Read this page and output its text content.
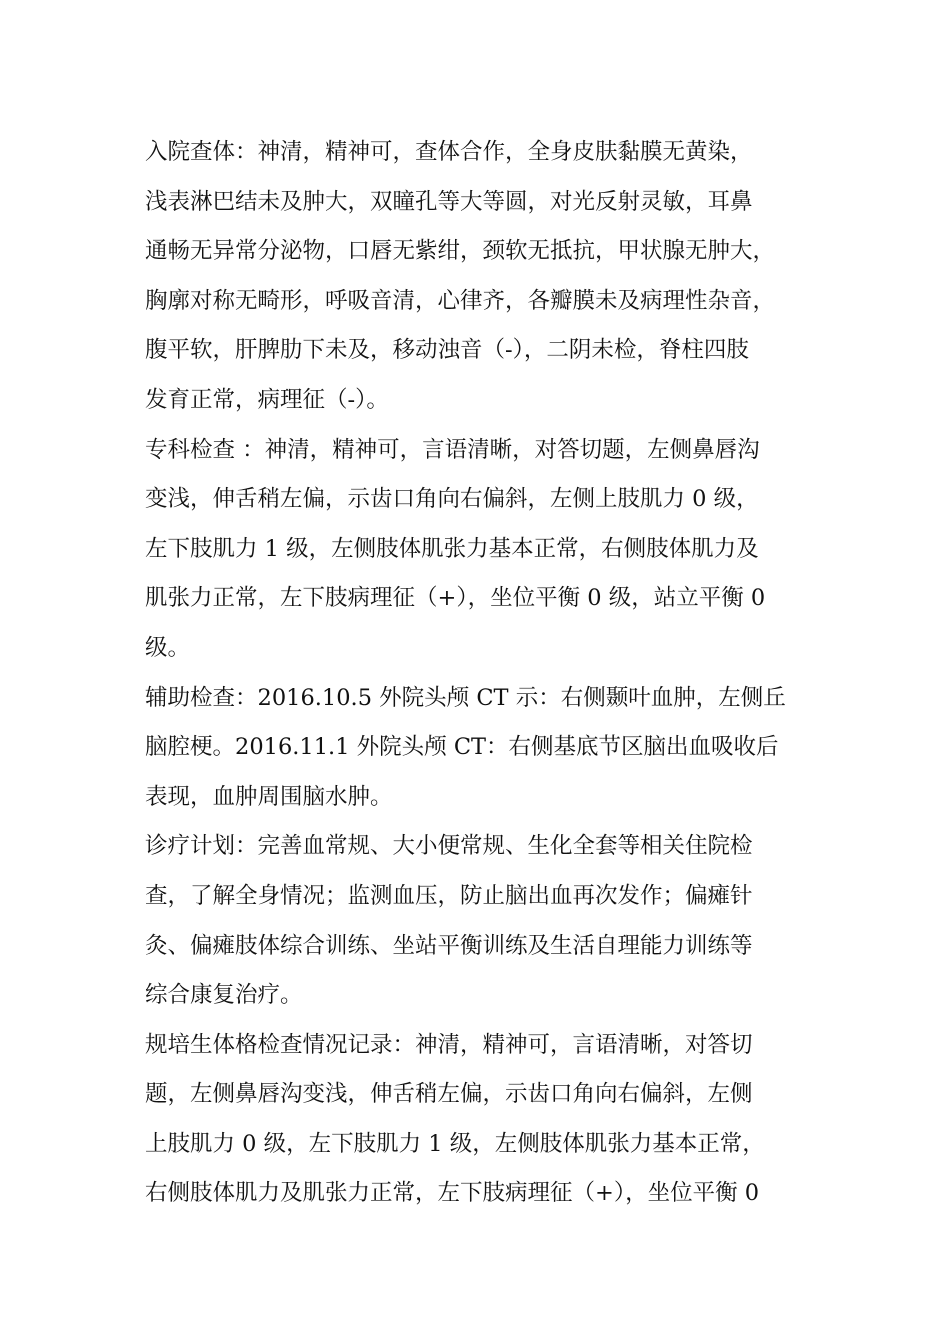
入院查体：神清，精神可，查体合作，全身皮肤黏膜无黄染，
浅表淋巴结未及肿大，双瞳孔等大等圆，对光反射灵敏，耳鼻
通畅无异常分泌物，口唇无紫绀，颈软无抵抗，甲状腺无肿大，
胸廓对称无畸形，呼吸音清，心律齐，各瓣膜未及病理性杂音，
腹平软，肝脾肋下未及，移动浊音（-），二阴未检，脊柱四肢
发育正常，病理征（-）。
专科检查 ：神清，精神可，言语清晰，对答切题，左侧鼻唇沟
变浅，伸舌稍左偏，示齿口角向右偏斜，左侧上肢肌力 0 级，
左下肢肌力 1 级，左侧肢体肌张力基本正常，右侧肢体肌力及
肌张力正常，左下肢病理征（+），坐位平衡 0 级，站立平衡 0
级。
辅助检查：2016.10.5 外院头颅 CT 示：右侧颞叶血肿，左侧丘
脑腔梗。2016.11.1 外院头颅 CT：右侧基底节区脑出血吸收后
表现，血肿周围脑水肿。
诊疗计划：完善血常规、大小便常规、生化全套等相关住院检
查，了解全身情况；监测血压，防止脑出血再次发作；偏瘫针
灸、偏瘫肢体综合训练、坐站平衡训练及生活自理能力训练等
综合康复治疗。
规培生体格检查情况记录：神清，精神可，言语清晰，对答切
题，左侧鼻唇沟变浅，伸舌稍左偏，示齿口角向右偏斜，左侧
上肢肌力 0 级，左下肢肌力 1 级，左侧肢体肌张力基本正常，
右侧肢体肌力及肌张力正常，左下肢病理征（+），坐位平衡 0
